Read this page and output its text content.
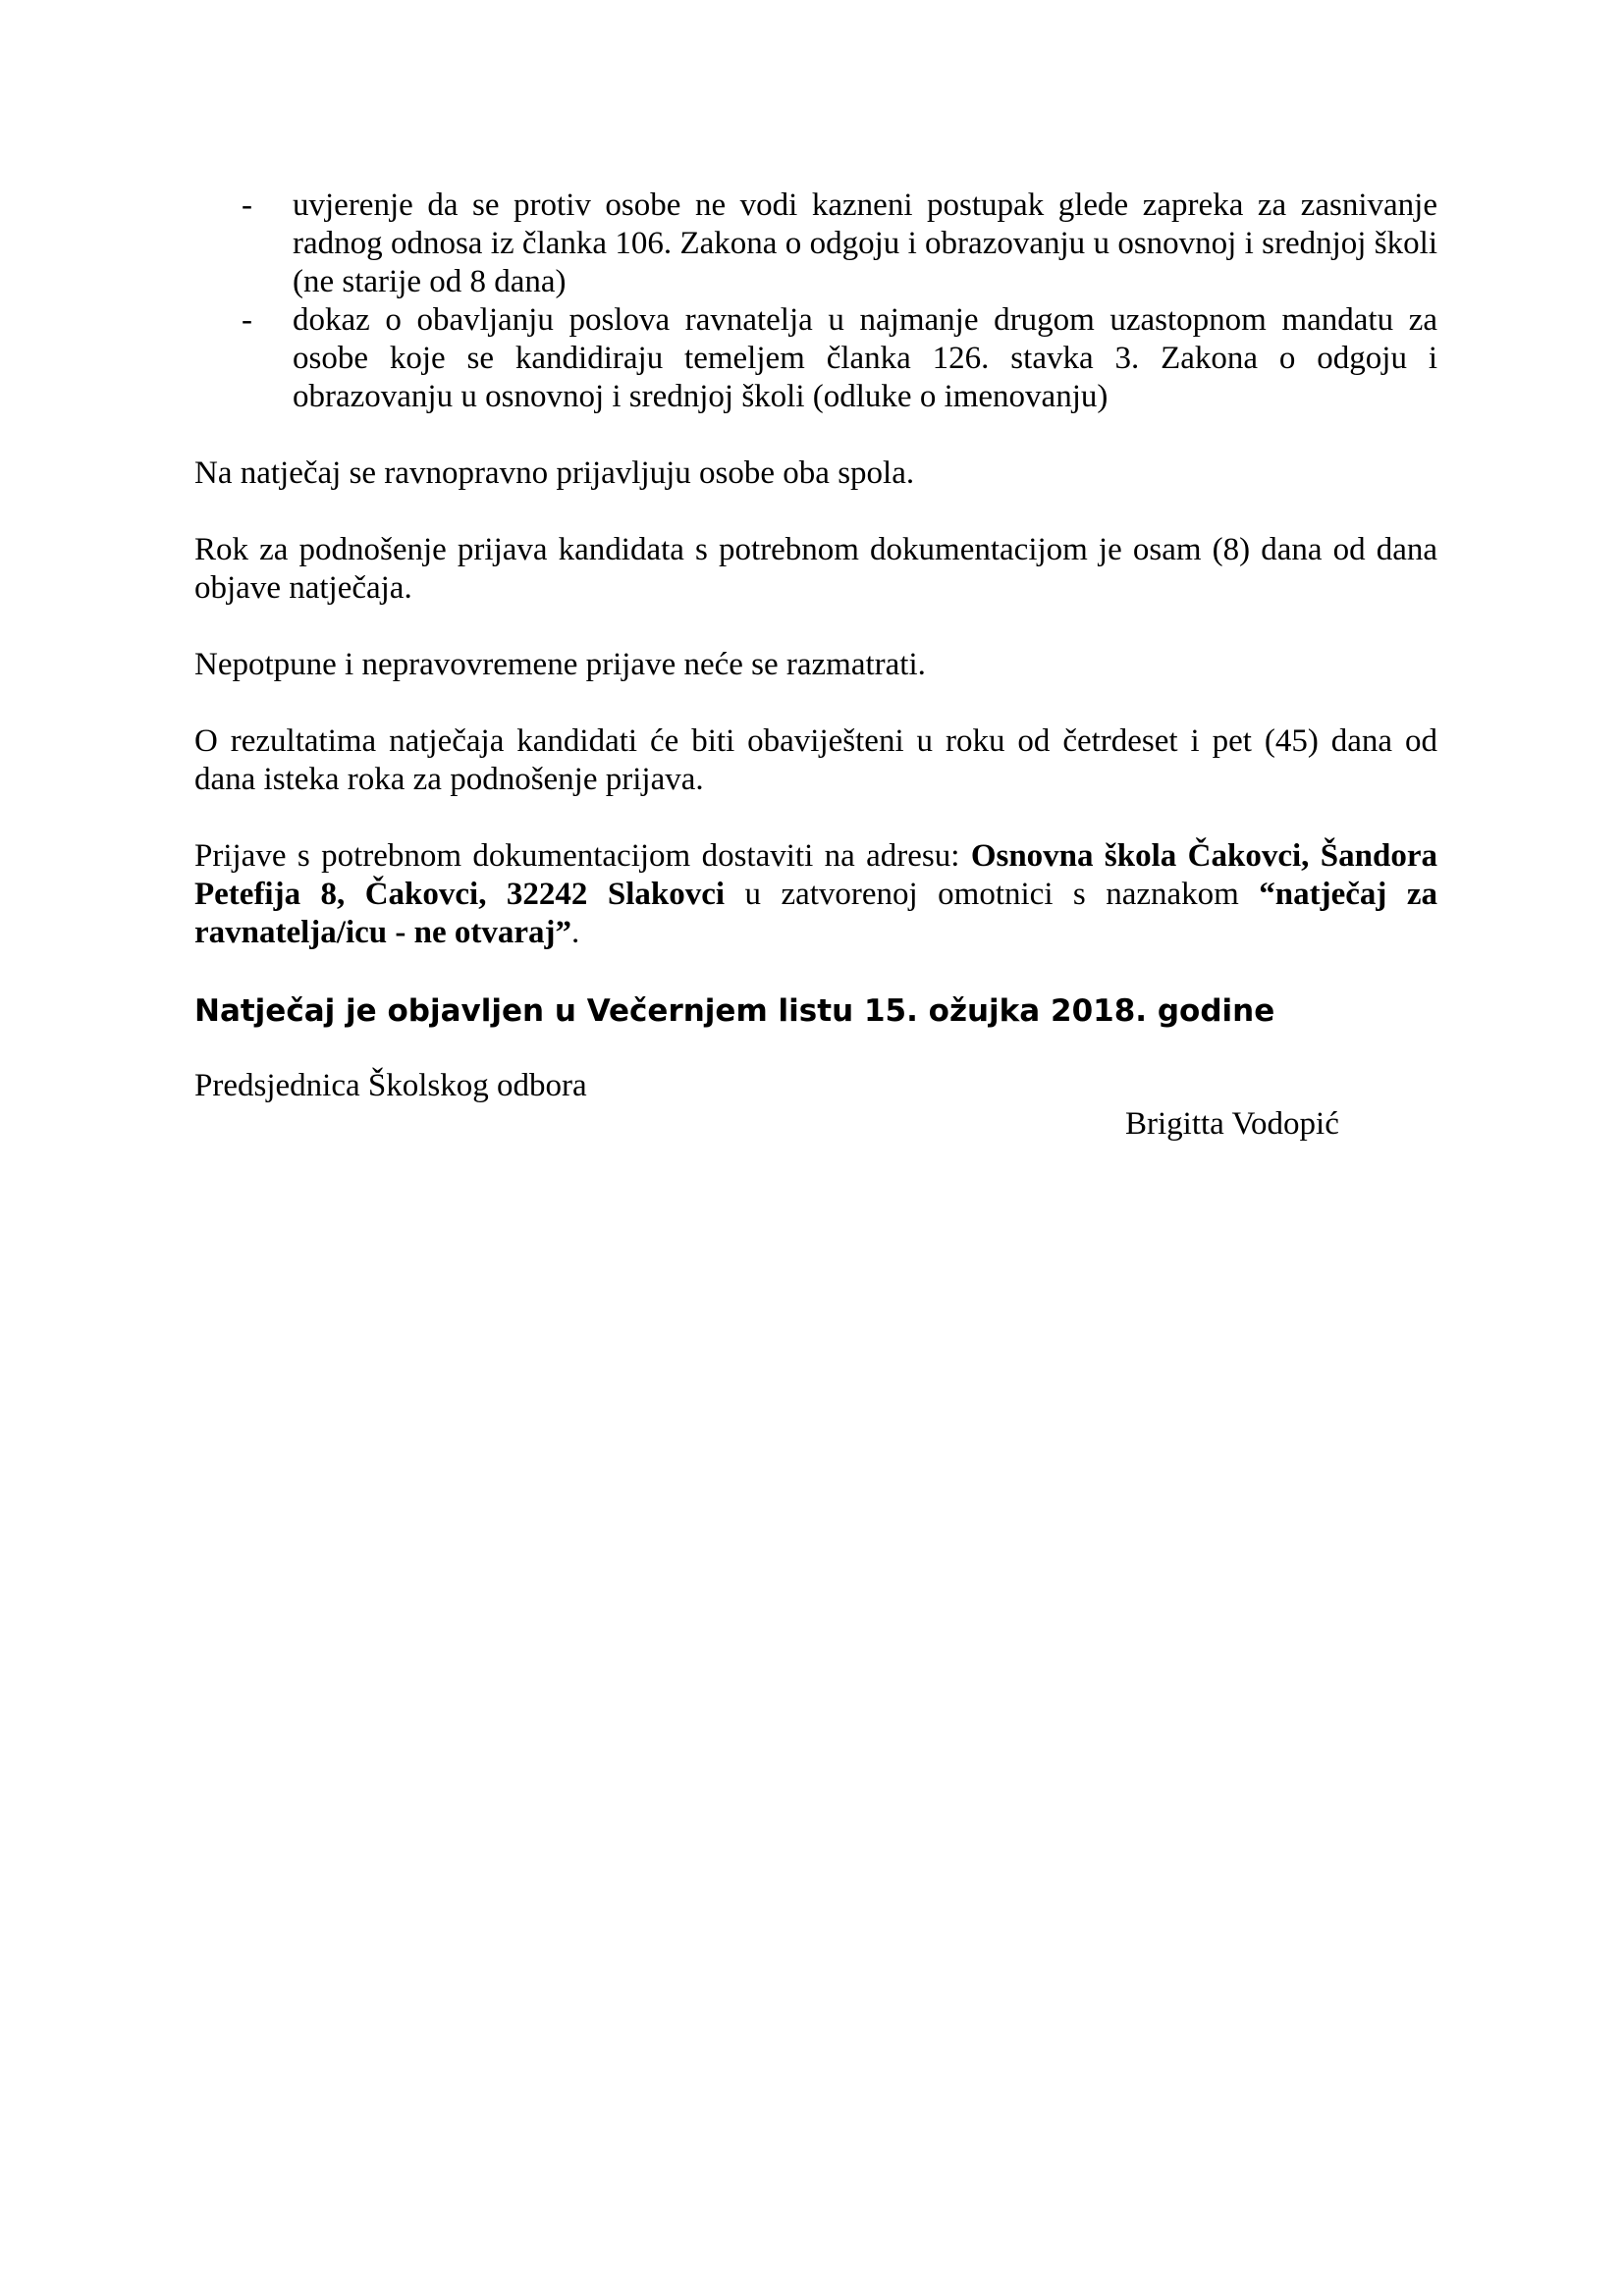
- uvjerenje da se protiv osobe ne vodi kazneni postupak glede zapreka za zasnivanje radnog odnosa iz članka 106. Zakona o odgoju i obrazovanju u osnovnoj i srednjoj školi (ne starije od 8 dana)
- dokaz o obavljanju poslova ravnatelja u najmanje drugom uzastopnom mandatu za osobe koje se kandidiraju temeljem članka 126. stavka 3. Zakona o odgoju i obrazovanju u osnovnoj i srednjoj školi (odluke o imenovanju)

Na natječaj se ravnopravno prijavljuju osobe oba spola.

Rok za podnošenje prijava kandidata s potrebnom dokumentacijom je osam (8) dana od dana objave natječaja.

Nepotpune i nepravovremene prijave neće se razmatrati.

O rezultatima natječaja kandidati će biti obaviješteni u roku od četrdeset i pet (45) dana od dana isteka roka za podnošenje prijava.

Prijave s potrebnom dokumentacijom dostaviti na adresu: Osnovna škola Čakovci, Šandora Petefija 8, Čakovci, 32242 Slakovci u zatvorenoj omotnici s naznakom “natječaj za ravnatelja/icu - ne otvaraj”.

Natječaj je objavljen u Večernjem listu 15. ožujka 2018. godine

Predsjednica Školskog odbora

Brigitta Vodopić
